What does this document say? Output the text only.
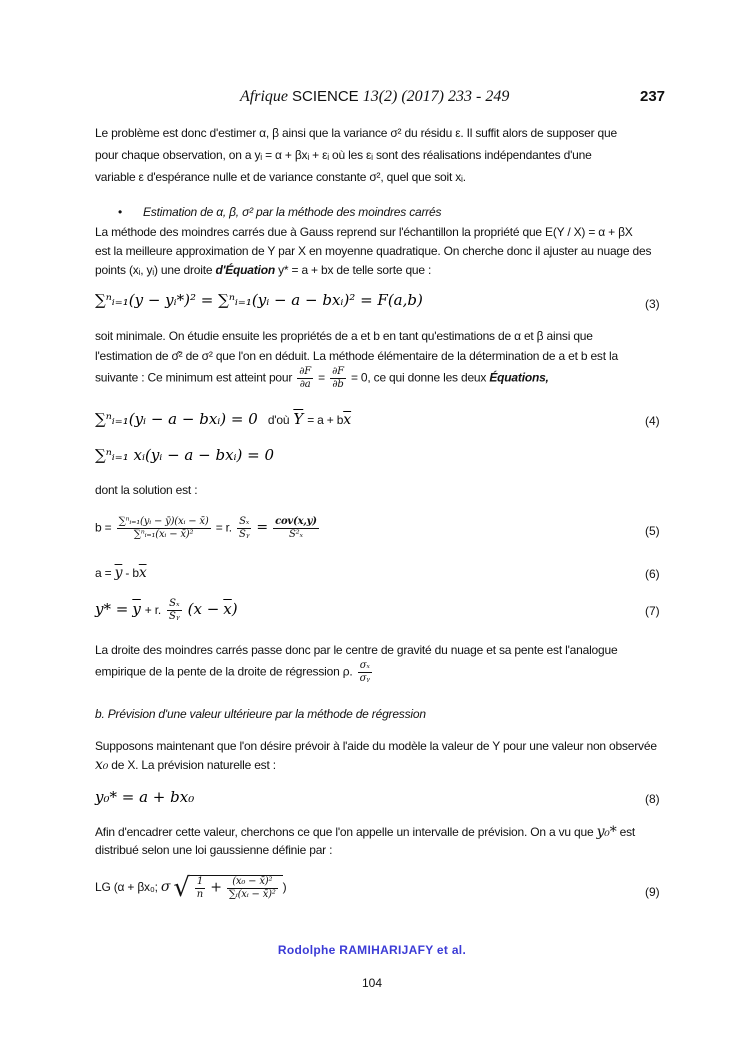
Afrique SCIENCE 13(2) (2017) 233 - 249	237
Le problème est donc d'estimer α, β ainsi que la variance σ² du résidu ε. Il suffit alors de supposer que
pour chaque observation, on a yᵢ = α + βxᵢ + εᵢ où les εᵢ sont des réalisations indépendantes d'une
variable ε d'espérance nulle et de variance constante σ², quel que soit xᵢ.
• Estimation de α, β, σ² par la méthode des moindres carrés
La méthode des moindres carrés due à Gauss reprend sur l'échantillon la propriété que E(Y / X) = α + βX
est la meilleure approximation de Y par X en moyenne quadratique. On cherche donc il ajuster au nuage des
points (xᵢ, yᵢ) une droite d'Équation y* = a + bx de telle sorte que :
∑ⁿᵢ₌₁(y − yᵢ*)² = ∑ⁿᵢ₌₁(yᵢ − a − bxᵢ)² = F(a,b)	(3)
soit minimale. On étudie ensuite les propriétés de a et b en tant qu'estimations de α et β ainsi que
l'estimation de σ̂² de σ² que l'on en déduit. La méthode élémentaire de la détermination de a et b est la
suivante : Ce minimum est atteint pour $\frac{\partial F}{\partial a} = \frac{\partial F}{\partial b} = 0$, ce qui donne les deux Équations,
∑ⁿᵢ₌₁(yᵢ − a − bxᵢ) = 0 d'où $\overline{Y} = a + b\overline{x}$	(4)
∑ⁿᵢ₌₁ xᵢ(yᵢ − a − bxᵢ) = 0
dont la solution est :
$b = \frac{\text{∑ⁿᵢ₌₁(yᵢ − ȳ)(xᵢ − x̄)}}{\text{∑ⁿᵢ₌₁(xᵢ − x̄)²}} = r$. $\frac{\text{Sₓ}}{\text{Sᵧ}} = \frac{\text{cov(x,y)}}{\text{S²ₓ}}$	(5)
$a = \overline{y} - b\overline{x}$	(6)
$y* = \overline{y} + r$. $\frac{\text{Sₓ}}{\text{Sᵧ}} (x - \overline{x})$	(7)
La droite des moindres carrés passe donc par le centre de gravité du nuage et sa pente est l'analogue
empirique de la pente de la droite de régression ρ. $\frac{\text{σₓ}}{\text{σᵧ}}$
b. Prévision d'une valeur ultérieure par la méthode de régression
Supposons maintenant que l'on désire prévoir à l'aide du modèle la valeur de Y pour une valeur non observée
x₀ de X. La prévision naturelle est :
y₀* = a + bx₀	(8)
Afin d'encadrer cette valeur, cherchons ce que l'on appelle un intervalle de prévision. On a vu que y₀* est
distribué selon une loi gaussienne définie par :
LG (α + βx₀; σ √ $\frac{1}{n} + \frac{\text{(x₀ − x̄)²}}{\text{∑ᵢ(xᵢ − x̄)²}}$ )	(9)
Rodolphe RAMIHARIJAFY et al.
104
